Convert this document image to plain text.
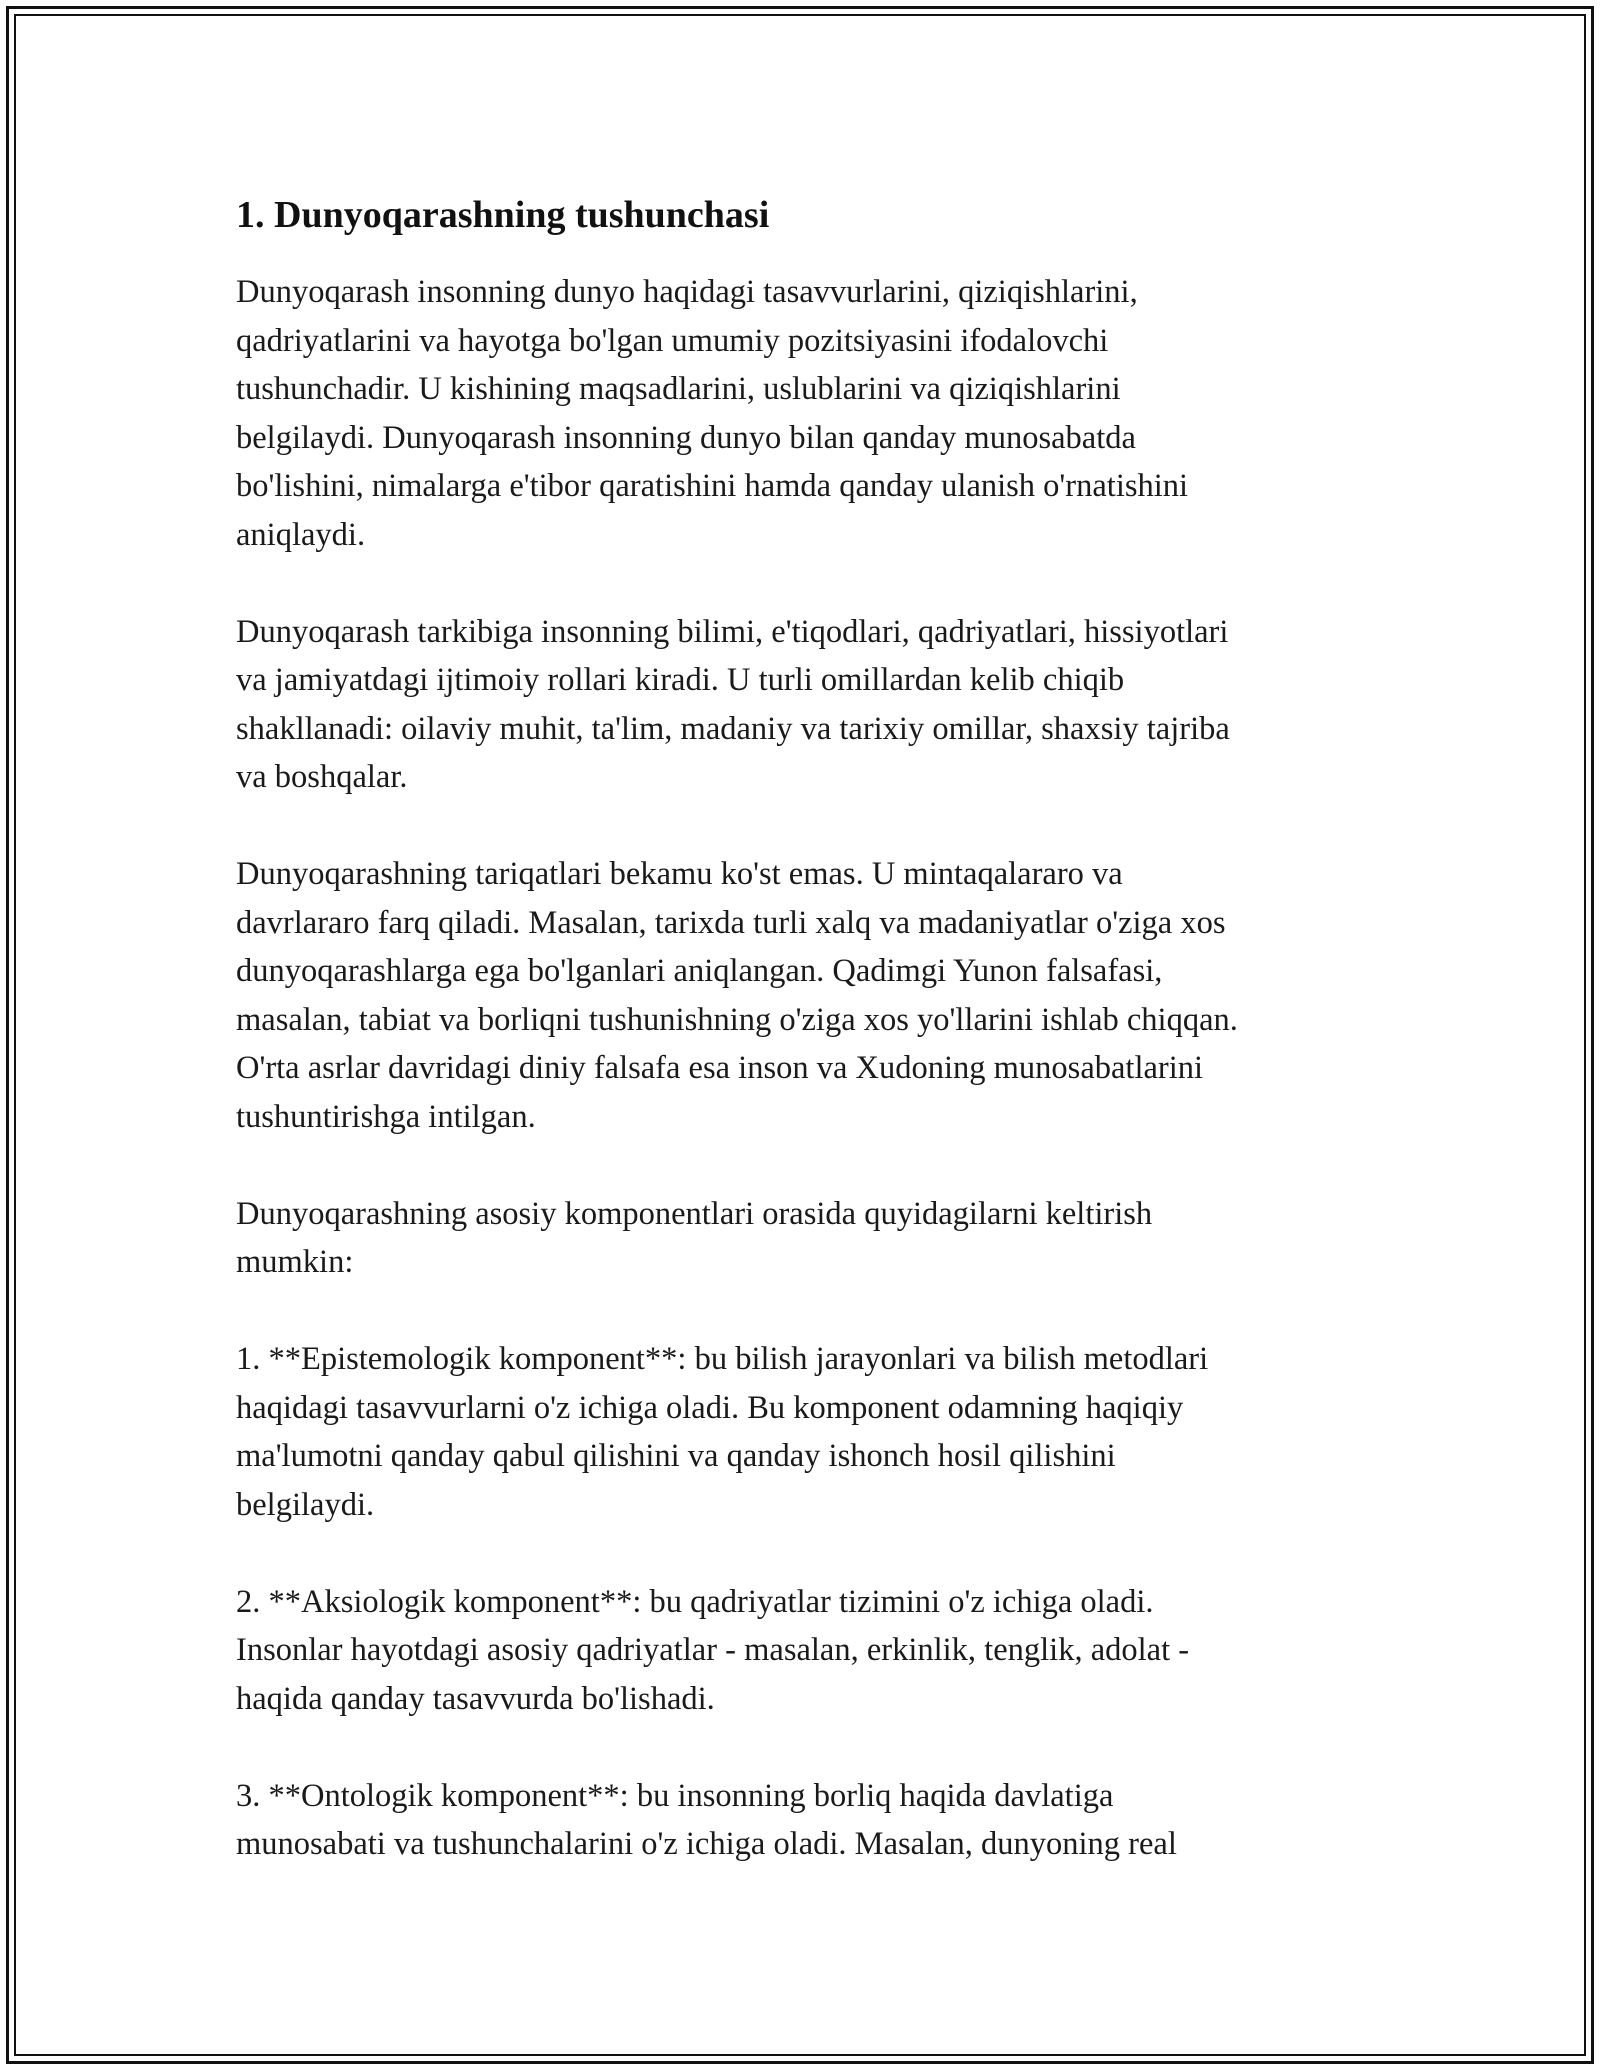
1. Dunyoqarashning tushunchasi

Dunyoqarash insonning dunyo haqidagi tasavvurlarini, qiziqishlarini,
qadriyatlarini va hayotga bo'lgan umumiy pozitsiyasini ifodalovchi
tushunchadir. U kishining maqsadlarini, uslublarini va qiziqishlarini
belgilaydi. Dunyoqarash insonning dunyo bilan qanday munosabatda
bo'lishini, nimalarga e'tibor qaratishini hamda qanday ulanish o'rnatishini
aniqlaydi.

Dunyoqarash tarkibiga insonning bilimi, e'tiqodlari, qadriyatlari, hissiyotlari
va jamiyatdagi ijtimoiy rollari kiradi. U turli omillardan kelib chiqib
shakllanadi: oilaviy muhit, ta'lim, madaniy va tarixiy omillar, shaxsiy tajriba
va boshqalar.

Dunyoqarashning tariqatlari bekamu ko'st emas. U mintaqalararo va
davrlararo farq qiladi. Masalan, tarixda turli xalq va madaniyatlar o'ziga xos
dunyoqarashlarga ega bo'lganlari aniqlangan. Qadimgi Yunon falsafasi,
masalan, tabiat va borliqni tushunishning o'ziga xos yo'llarini ishlab chiqqan.
O'rta asrlar davridagi diniy falsafa esa inson va Xudoning munosabatlarini
tushuntirishga intilgan.

Dunyoqarashning asosiy komponentlari orasida quyidagilarni keltirish
mumkin:

1. **Epistemologik komponent**: bu bilish jarayonlari va bilish metodlari
haqidagi tasavvurlarni o'z ichiga oladi. Bu komponent odamning haqiqiy
ma'lumotni qanday qabul qilishini va qanday ishonch hosil qilishini
belgilaydi.

2. **Aksiologik komponent**: bu qadriyatlar tizimini o'z ichiga oladi.
Insonlar hayotdagi asosiy qadriyatlar - masalan, erkinlik, tenglik, adolat -
haqida qanday tasavvurda bo'lishadi.

3. **Ontologik komponent**: bu insonning borliq haqida davlatiga
munosabati va tushunchalarini o'z ichiga oladi. Masalan, dunyoning real
